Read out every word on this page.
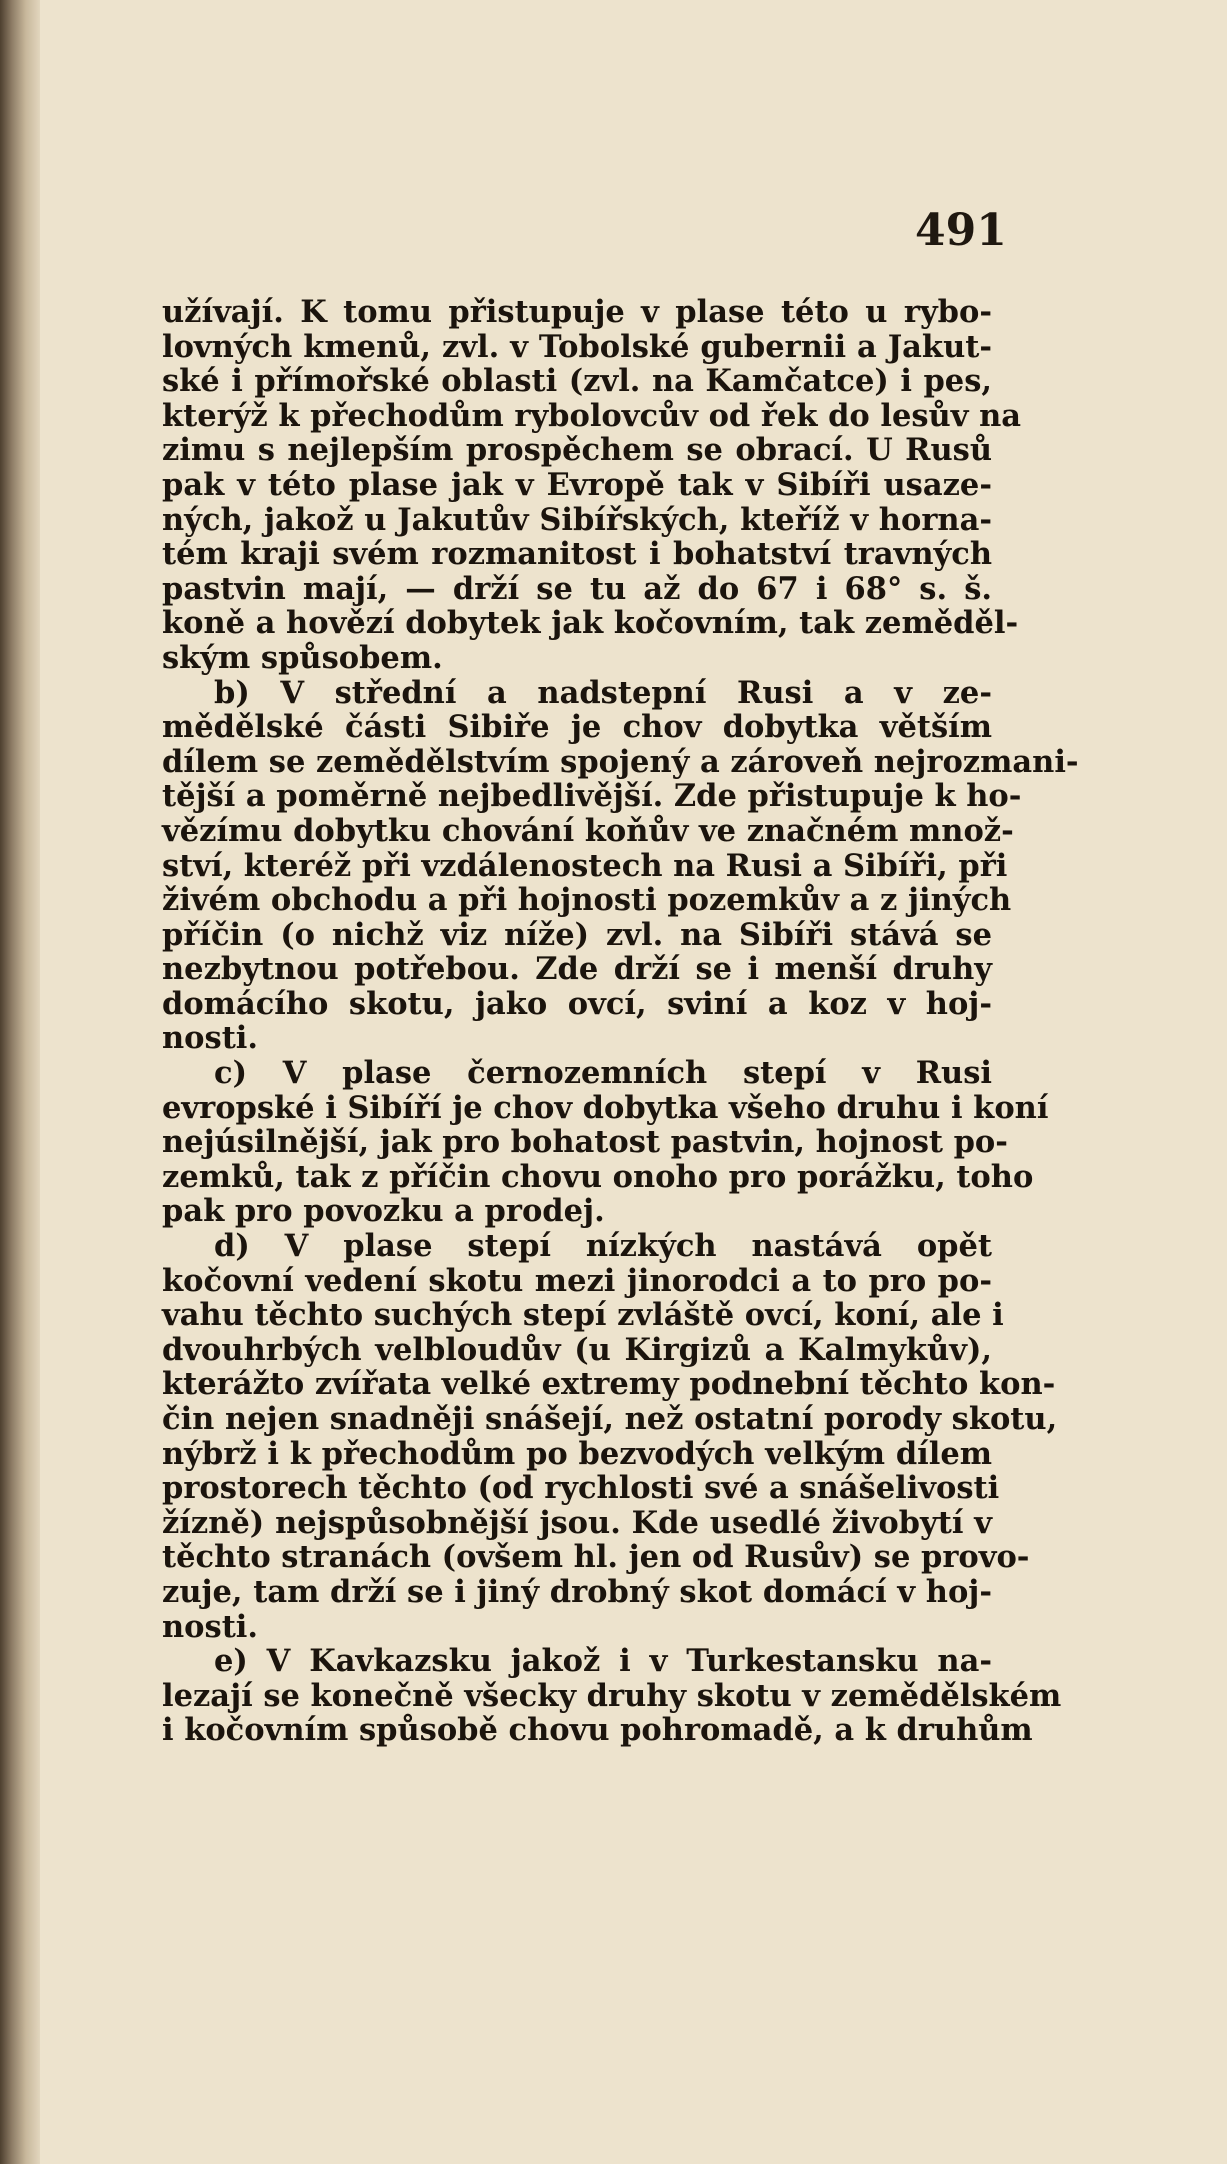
491
užívají. K tomu přistupuje v plase této u rybo-
lovných kmenů, zvl. v Tobolské gubernii a Jakut-
ské i přímořské oblasti (zvl. na Kamčatce) i pes,
kterýž k přechodům rybolovcův od řek do lesův na
zimu s nejlepším prospěchem se obrací. U Rusů
pak v této plase jak v Evropě tak v Sibíři usaze-
ných, jakož u Jakutův Sibířských, kteříž v horna-
tém kraji svém rozmanitost i bohatství travných
pastvin mají, — drží se tu až do 67 i 68° s. š.
koně a hovězí dobytek jak kočovním, tak zeměděl-
ským spůsobem.
b) V střední a nadstepní Rusi a v ze-
mědělské části Sibiře je chov dobytka větším
dílem se zemědělstvím spojený a zároveň nejrozmani-
tější a poměrně nejbedlivější. Zde přistupuje k ho-
vězímu dobytku chování koňův ve značném množ-
ství, kteréž při vzdálenostech na Rusi a Sibíři, při
živém obchodu a při hojnosti pozemkův a z jiných
příčin (o nichž viz níže) zvl. na Sibíři stává se
nezbytnou potřebou. Zde drží se i menší druhy
domácího skotu, jako ovcí, sviní a koz v hoj-
nosti.
c) V plase černozemních stepí v Rusi
evropské i Sibíří je chov dobytka všeho druhu i koní
nejúsilnější, jak pro bohatost pastvin, hojnost po-
zemků, tak z příčin chovu onoho pro porážku, toho
pak pro povozku a prodej.
d) V plase stepí nízkých nastává opět
kočovní vedení skotu mezi jinorodci a to pro po-
vahu těchto suchých stepí zvláště ovcí, koní, ale i
dvouhrbých velbloudův (u Kirgizů a Kalmykův),
kterážto zvířata velké extremy podnební těchto kon-
čin nejen snadněji snášejí, než ostatní porody skotu,
nýbrž i k přechodům po bezvodých velkým dílem
prostorech těchto (od rychlosti své a snášelivosti
žízně) nejspůsobnější jsou. Kde usedlé živobytí v
těchto stranách (ovšem hl. jen od Rusův) se provo-
zuje, tam drží se i jiný drobný skot domácí v hoj-
nosti.
e) V Kavkazsku jakož i v Turkestansku na-
lezají se konečně všecky druhy skotu v zemědělském
i kočovním spůsobě chovu pohromadě, a k druhům
